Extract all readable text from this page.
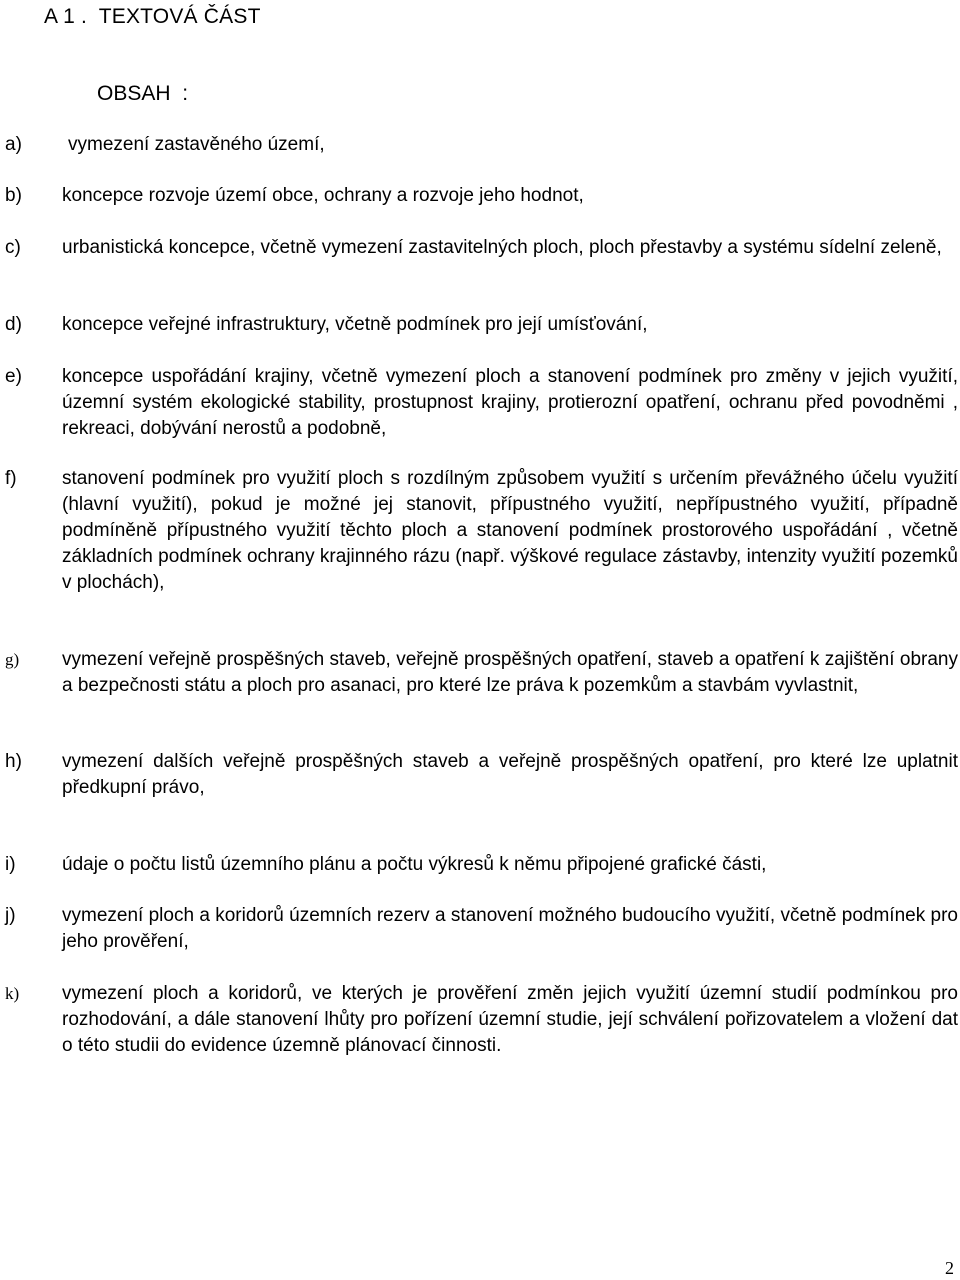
A 1 .  TEXTOVÁ ČÁST
OBSAH  :
a) vymezení zastavěného území,
b) koncepce rozvoje území obce, ochrany a rozvoje jeho hodnot,
c) urbanistická koncepce, včetně vymezení zastavitelných ploch, ploch přestavby a systému sídelní zeleně,
d) koncepce veřejné infrastruktury, včetně podmínek pro její umísťování,
e) koncepce uspořádání krajiny, včetně vymezení ploch a stanovení podmínek pro změny v jejich využití, územní systém ekologické stability, prostupnost krajiny, protierozní opatření, ochranu před povodněmi , rekreaci, dobývání nerostů a podobně,
f) stanovení podmínek pro využití ploch s rozdílným způsobem využití s určením převážného účelu využití (hlavní využití), pokud je možné jej stanovit, přípustného využití, nepřípustného využití, případně podmíněně přípustného využití těchto ploch a stanovení podmínek prostorového uspořádání , včetně základních podmínek ochrany krajinného rázu (např. výškové regulace zástavby, intenzity využití pozemků v plochách),
g) vymezení veřejně prospěšných staveb, veřejně prospěšných opatření, staveb a opatření k zajištění obrany a bezpečnosti státu a ploch pro asanaci, pro které lze práva k pozemkům a stavbám vyvlastnit,
h) vymezení dalších veřejně prospěšných staveb a veřejně prospěšných opatření, pro které lze uplatnit předkupní právo,
i) údaje o počtu listů územního plánu a počtu výkresů k němu připojené grafické části,
j) vymezení ploch a koridorů územních rezerv a stanovení možného budoucího využití, včetně podmínek pro jeho prověření,
k) vymezení ploch a koridorů, ve kterých je prověření změn jejich využití územní studií podmínkou pro rozhodování, a dále stanovení lhůty pro pořízení územní studie, její schválení pořizovatelem a vložení dat o této studii do evidence územně plánovací činnosti.
2
